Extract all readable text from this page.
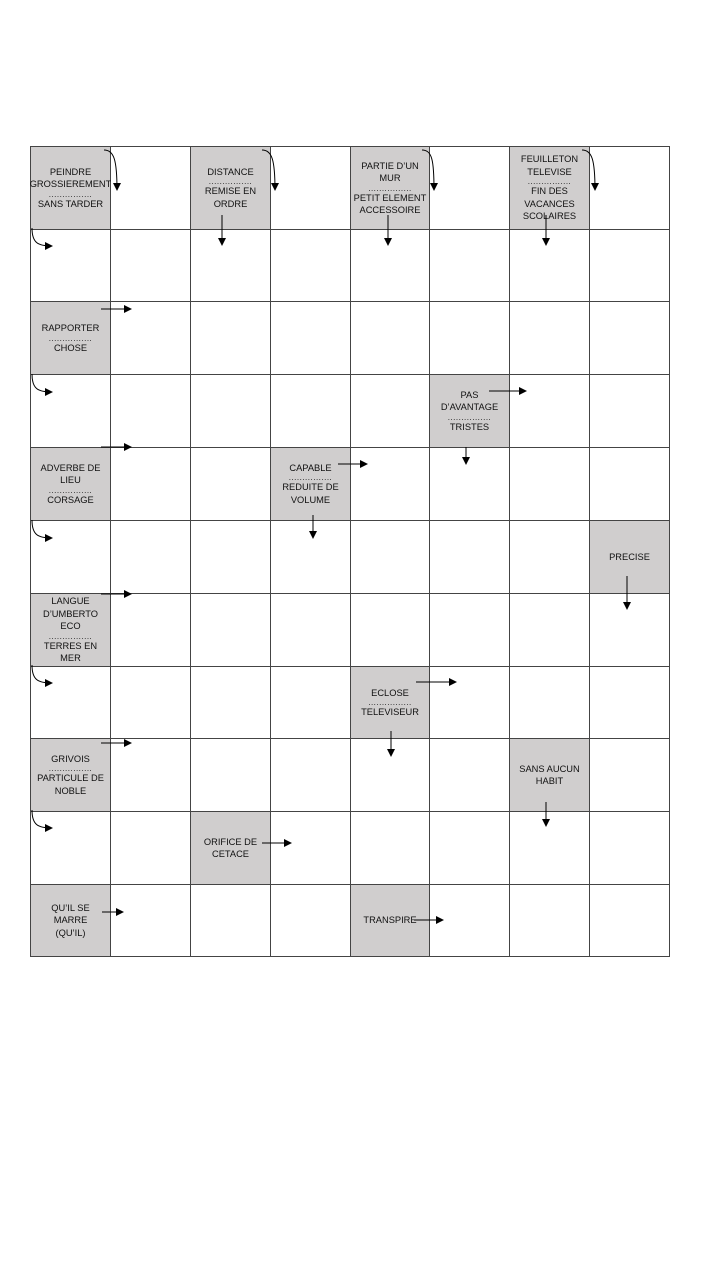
PEINDRE
GROSSIEREMENT
................
SANS TARDER
DISTANCE
................
REMISE EN
ORDRE
PARTIE D’UN
MUR
................
PETIT ELEMENT
ACCESSOIRE
FEUILLETON
TELEVISE
................
FIN DES
VACANCES
SCOLAIRES
RAPPORTER
................
CHOSE
PAS
D’AVANTAGE
................
TRISTES
ADVERBE DE
LIEU
................
CORSAGE
CAPABLE
................
REDUITE DE
VOLUME
PRECISE
LANGUE
D’UMBERTO
ECO
................
TERRES EN MER
ECLOSE
................
TELEVISEUR
GRIVOIS
................
PARTICULE DE
NOBLE
SANS AUCUN
HABIT
ORIFICE DE
CETACE
QU’IL SE
MARRE
(QU’IL)
TRANSPIRE
